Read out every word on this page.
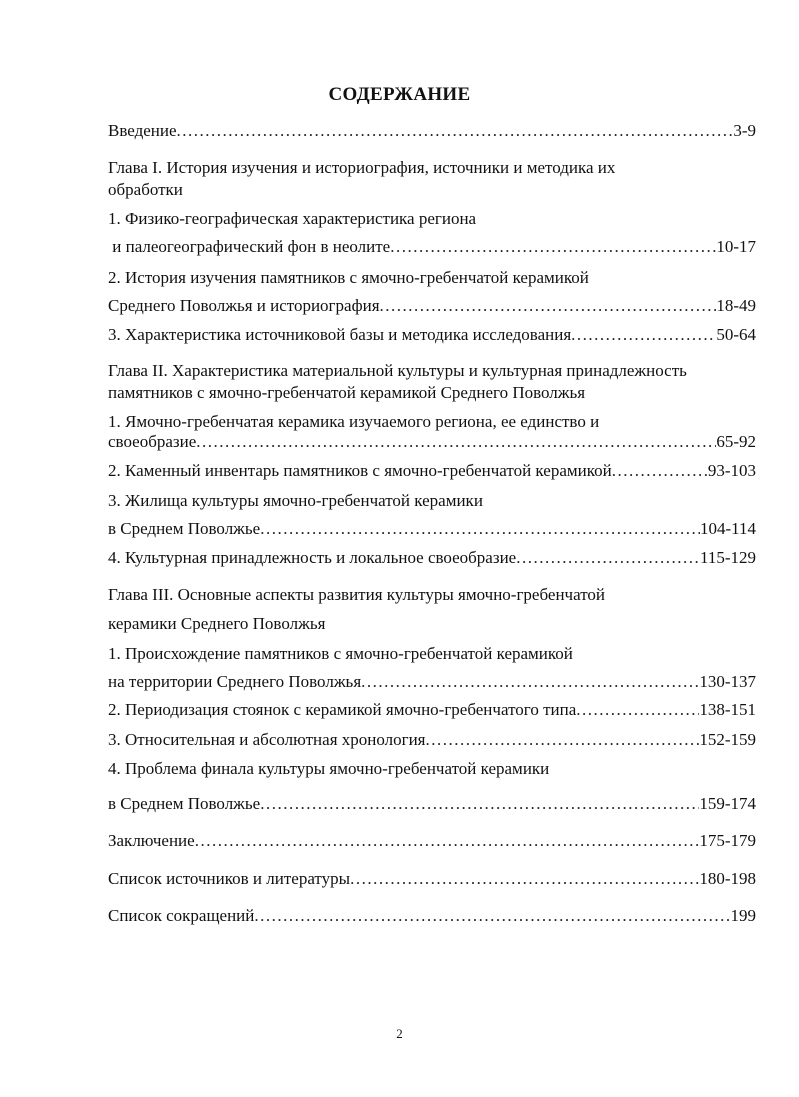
СОДЕРЖАНИЕ
Введение .....	3-9
Глава I. История изучения и историография, источники и методика их
обработки
1. Физико-географическая характеристика региона
и палеогеографический фон в неолите .....	10-17
2. История изучения памятников с ямочно-гребенчатой керамикой
Среднего Поволжья и историография .....	18-49
3. Характеристика источниковой базы и методика исследования .....	50-64
Глава II. Характеристика материальной культуры и культурная принадлежность
памятников с ямочно-гребенчатой керамикой Среднего Поволжья
1. Ямочно-гребенчатая керамика изучаемого региона, ее единство и
своеобразие .....	65-92
2. Каменный инвентарь памятников с ямочно-гребенчатой керамикой .....	93-103
3. Жилища культуры ямочно-гребенчатой керамики
в Среднем Поволжье .....	104-114
4. Культурная принадлежность и локальное своеобразие .....	115-129
Глава III. Основные аспекты развития культуры ямочно-гребенчатой
керамики Среднего Поволжья
1. Происхождение памятников с ямочно-гребенчатой керамикой
на территории Среднего Поволжья .....	130-137
2. Периодизация стоянок с керамикой ямочно-гребенчатого типа .....	138-151
3. Относительная и абсолютная хронология .....	152-159
4. Проблема финала культуры ямочно-гребенчатой керамики
в Среднем Поволжье .....	159-174
Заключение .....	175-179
Список источников и литературы .....	180-198
Список сокращений .....	199
2
